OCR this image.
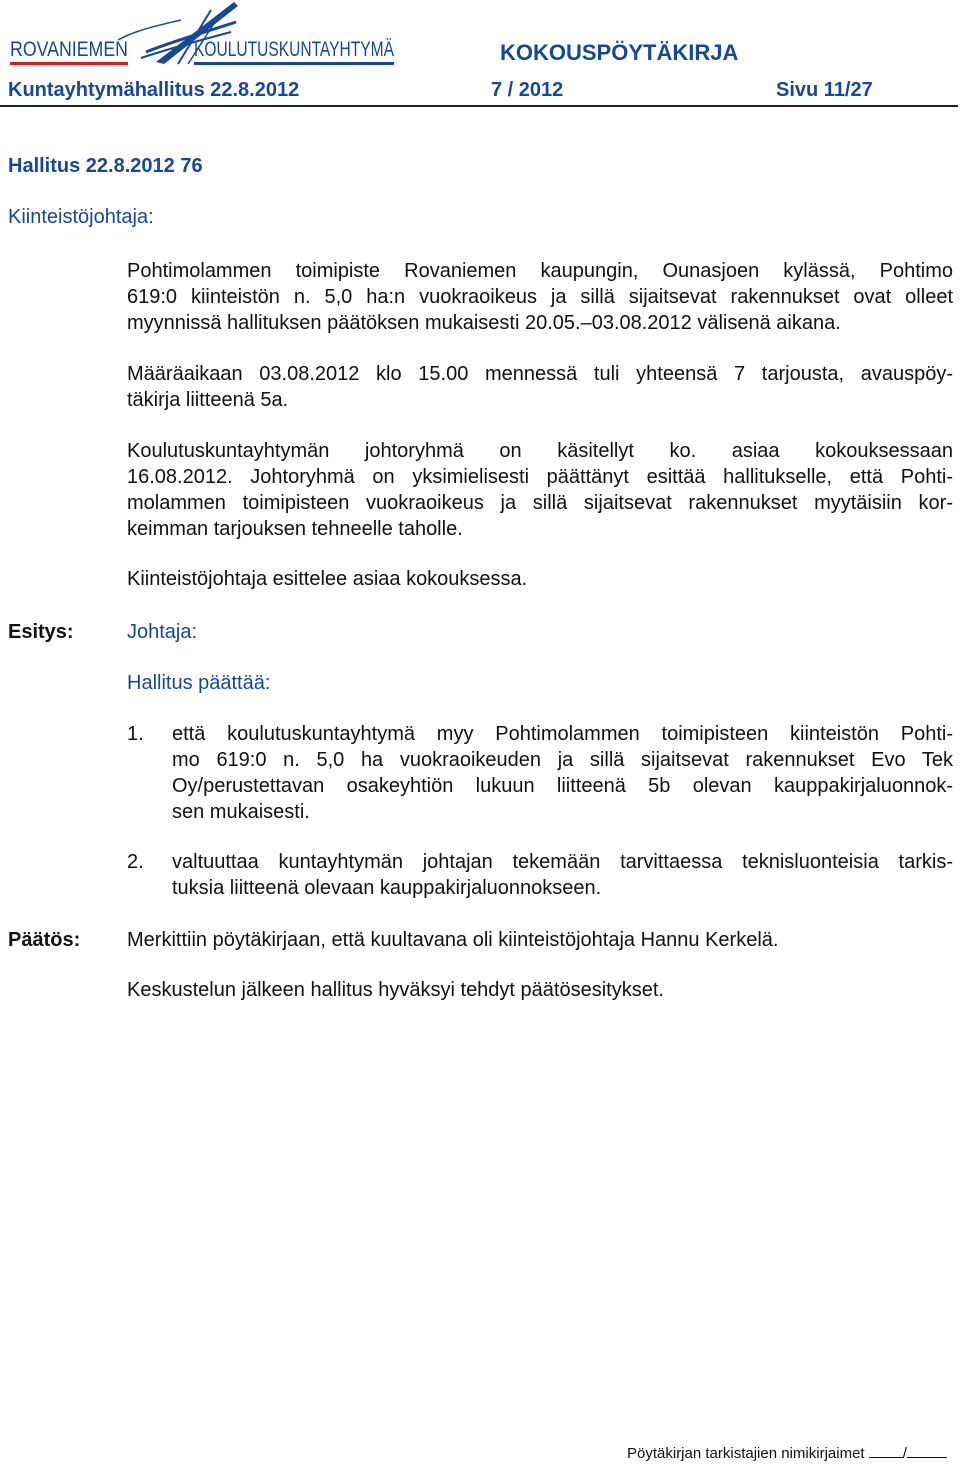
ROVANIEMEN	KOULUTUSKUNTAYHTYMÄ	KOKOUSPÖYTÄKIRJA
Kuntayhtymähallitus 22.8.2012	7 / 2012	Sivu 11/27
Hallitus 22.8.2012 76
Kiinteistöjohtaja:
Pohtimolammen toimipiste Rovaniemen kaupungin, Ounasjoen kylässä, Pohtimo
619:0 kiinteistön n. 5,0 ha:n vuokraoikeus ja sillä sijaitsevat rakennukset ovat olleet
myynnissä hallituksen päätöksen mukaisesti 20.05.–03.08.2012 välisenä aikana.
Määräaikaan 03.08.2012 klo 15.00 mennessä tuli yhteensä 7 tarjousta, avauspöy-
täkirja liitteenä 5a.
Koulutuskuntayhtymän johtoryhmä on käsitellyt ko. asiaa kokouksessaan
16.08.2012. Johtoryhmä on yksimielisesti päättänyt esittää hallitukselle, että Pohti-
molammen toimipisteen vuokraoikeus ja sillä sijaitsevat rakennukset myytäisiin kor-
keimman tarjouksen tehneelle taholle.
Kiinteistöjohtaja esittelee asiaa kokouksessa.
Esitys:	Johtaja:
Hallitus päättää:
1. että koulutuskuntayhtymä myy Pohtimolammen toimipisteen kiinteistön Pohti-
mo 619:0 n. 5,0 ha vuokraoikeuden ja sillä sijaitsevat rakennukset Evo Tek
Oy/perustettavan osakeyhtiön lukuun liitteenä 5b olevan kauppakirjaluonnok-
sen mukaisesti.
2. valtuuttaa kuntayhtymän johtajan tekemään tarvittaessa teknisluonteisia tarkis-
tuksia liitteenä olevaan kauppakirjaluonnokseen.
Päätös: Merkittiin pöytäkirjaan, että kuultavana oli kiinteistöjohtaja Hannu Kerkelä.
Keskustelun jälkeen hallitus hyväksyi tehdyt päätösesitykset.
Pöytäkirjan tarkistajien nimikirjaimet	/
